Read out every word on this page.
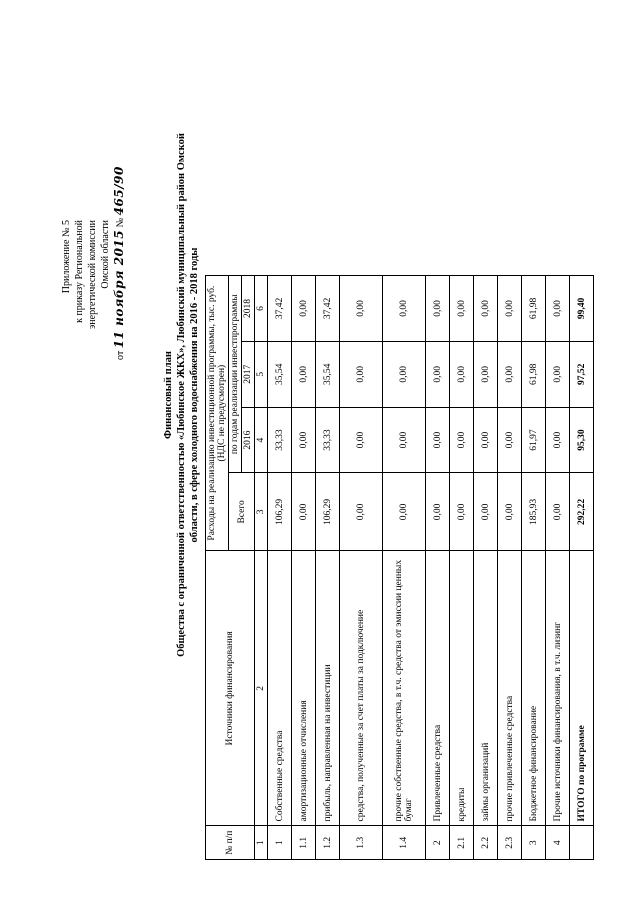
Приложение № 5 к приказу Региональной энергетической комиссии Омской области
от 11 ноября 2015 № 465/90
Финансовый план Общества с ограниченной ответственностью «Любинское ЖКХ», Любинский муниципальный район Омской области, в сфере холодного водоснабжения на 2016 - 2018 годы
№ п/п	Источники финансирования	Расходы на реализацию инвестиционной программы, тыс. руб. (НДС не предусмотрен)			
		Всего	по годам реализации инвестпрограммы		
			2016	2017	2018
1	2	3	4	5	6
1	Собственные средства	106,29	33,33	35,54	37,42
1.1	амортизационные отчисления	0,00	0,00	0,00	0,00
1.2	прибыль, направленная на инвестиции	106,29	33,33	35,54	37,42
1.3	средства, полученные за счет платы за подключение	0,00	0,00	0,00	0,00
1.4	прочие собственные средства, в т.ч. средства от эмиссии ценных бумаг	0,00	0,00	0,00	0,00
2	Привлеченные средства	0,00	0,00	0,00	0,00
2.1	кредиты	0,00	0,00	0,00	0,00
2.2	займы организаций	0,00	0,00	0,00	0,00
2.3	прочие привлеченные средства	0,00	0,00	0,00	0,00
3	Бюджетное финансирование	185,93	61,97	61,98	61,98
4	Прочие источники финансирования, в т.ч. лизинг	0,00	0,00	0,00	0,00
	ИТОГО по программе	292,22	95,30	97,52	99,40
